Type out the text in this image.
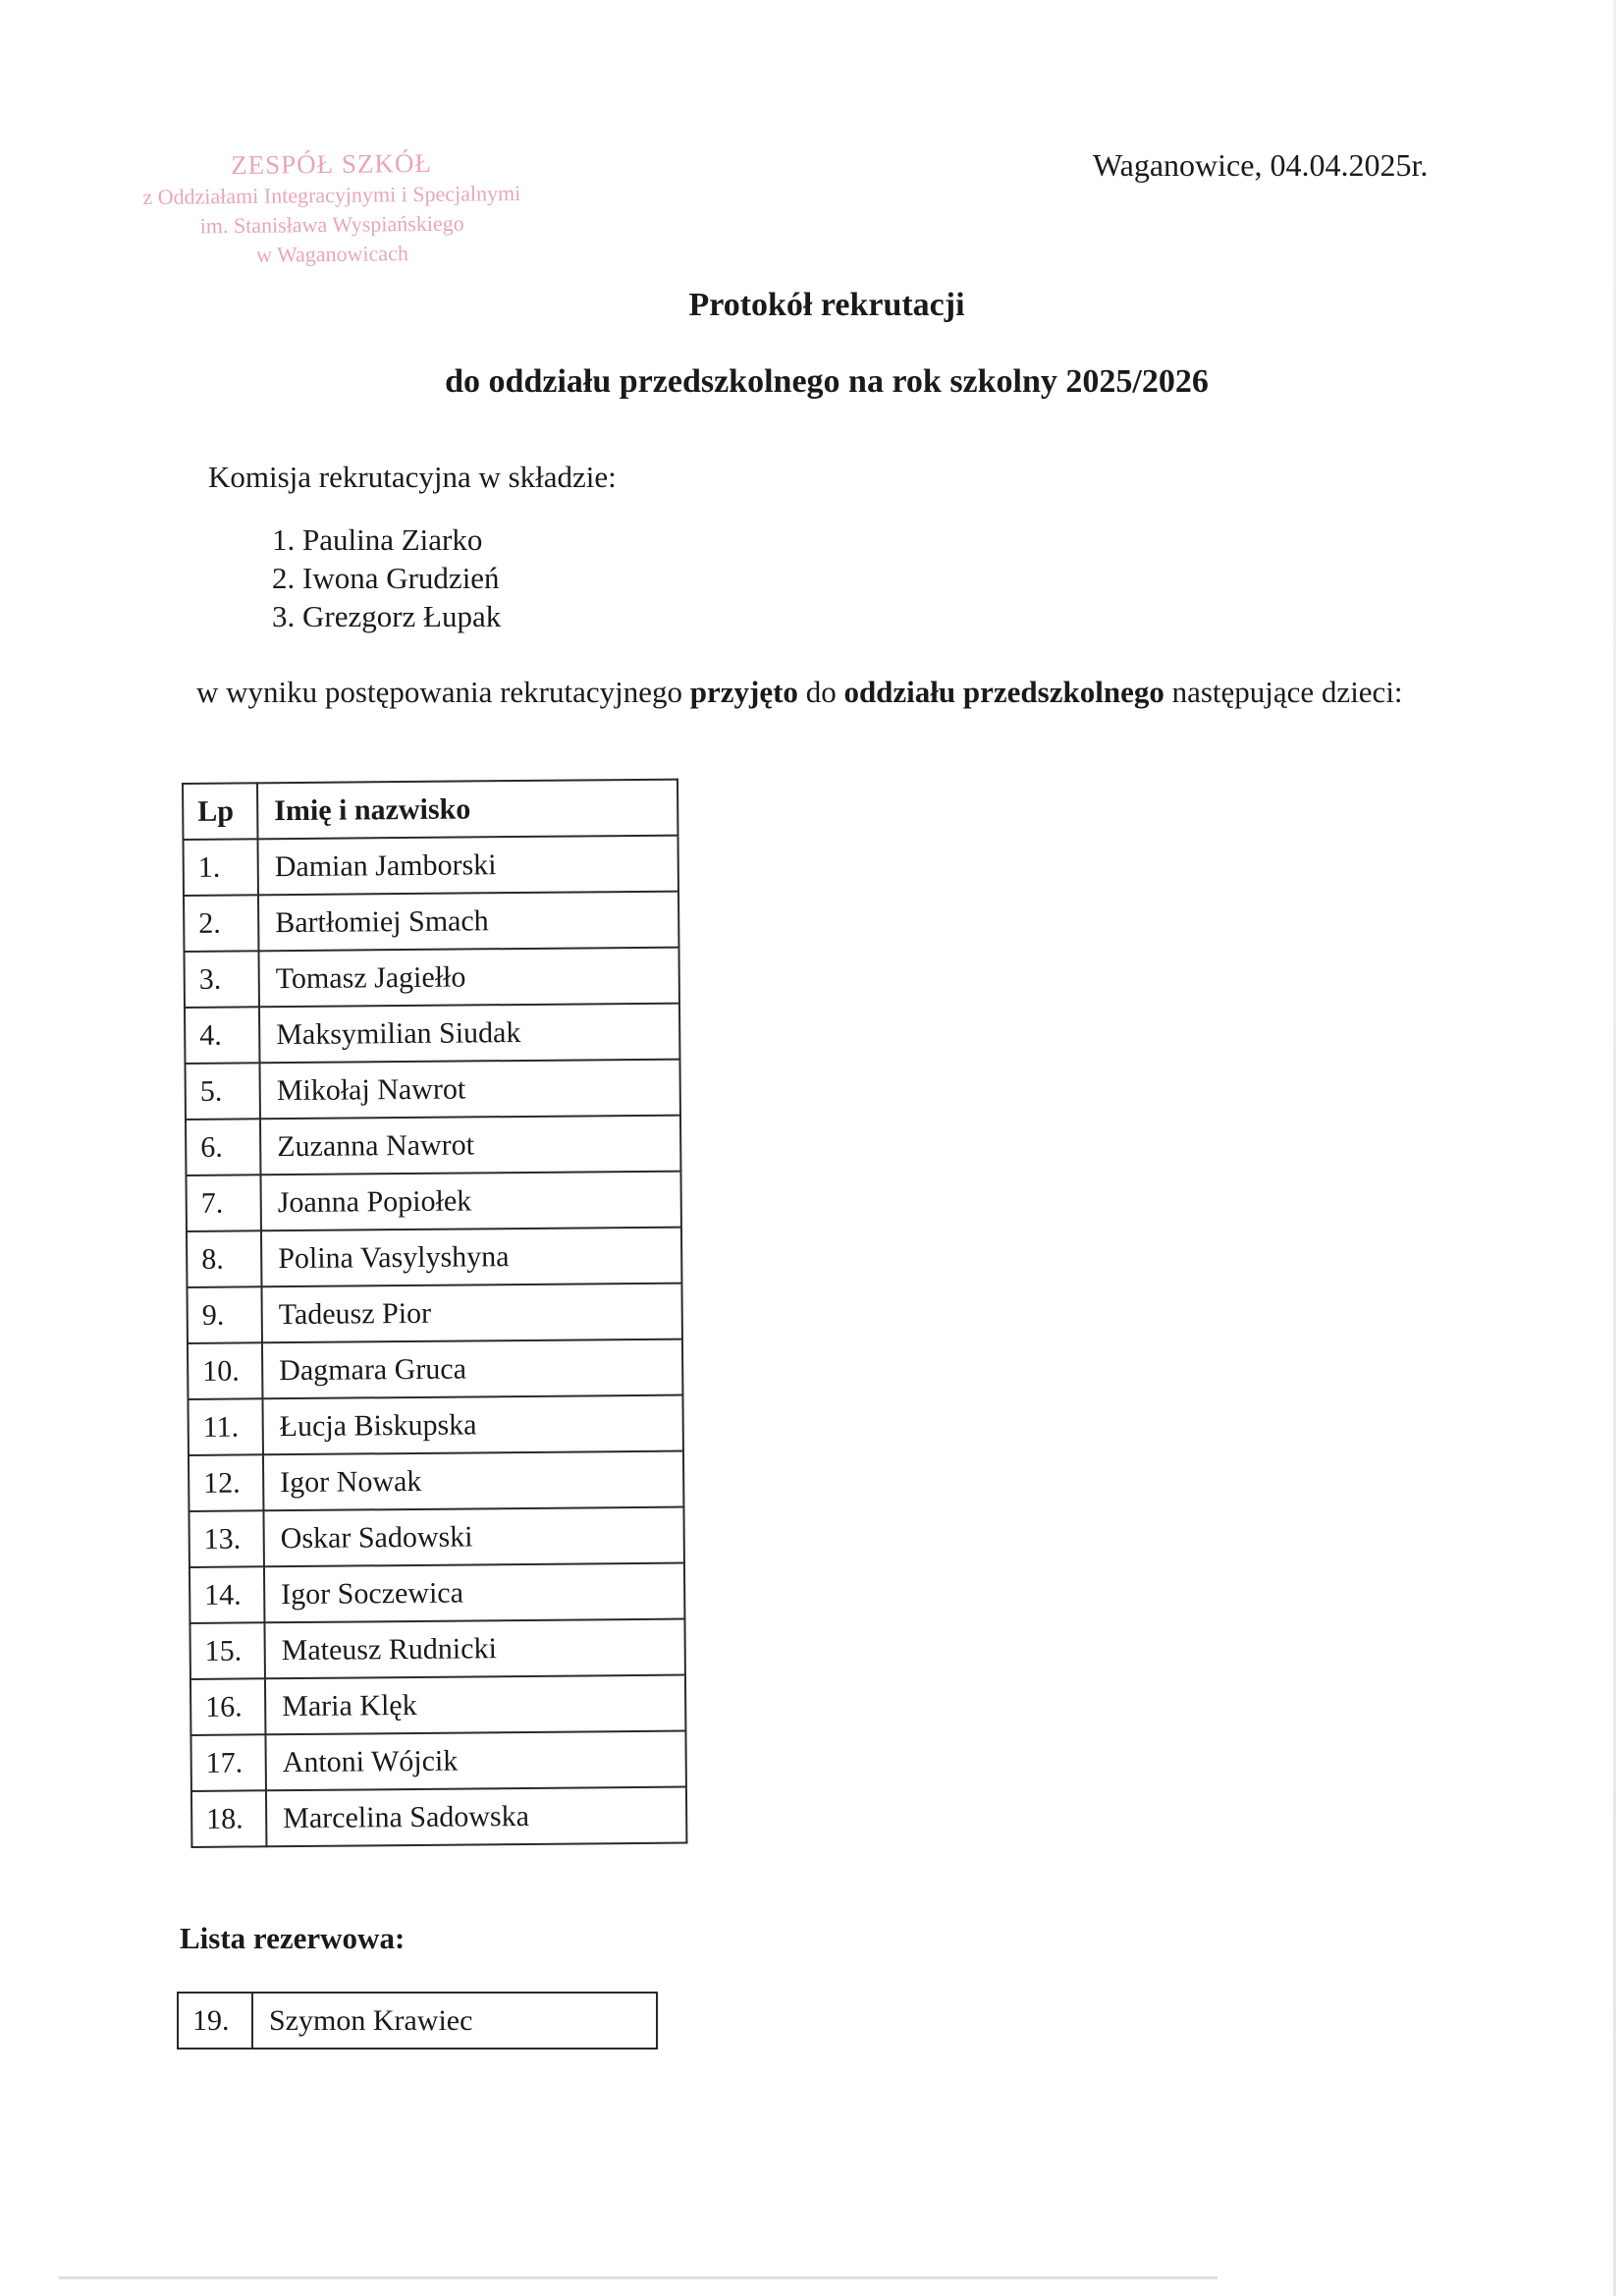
ZESPÓŁ SZKÓŁ
z Oddziałami Integracyjnymi i Specjalnymi
im. Stanisława Wyspiańskiego
w Waganowicach
Waganowice, 04.04.2025r.
Protokół rekrutacji
do oddziału przedszkolnego na rok szkolny 2025/2026
Komisja rekrutacyjna w składzie:
1. Paulina Ziarko
2. Iwona Grudzień
3. Grezgorz Łupak
w wyniku postępowania rekrutacyjnego przyjęto do oddziału przedszkolnego następujące dzieci:
Lp	Imię i nazwisko
1.	Damian Jamborski
2.	Bartłomiej Smach
3.	Tomasz Jagiełło
4.	Maksymilian Siudak
5.	Mikołaj Nawrot
6.	Zuzanna Nawrot
7.	Joanna Popiołek
8.	Polina Vasylyshyna
9.	Tadeusz Pior
10.	Dagmara Gruca
11.	Łucja Biskupska
12.	Igor Nowak
13.	Oskar Sadowski
14.	Igor Soczewica
15.	Mateusz Rudnicki
16.	Maria Klęk
17.	Antoni Wójcik
18.	Marcelina Sadowska
Lista rezerwowa:
19.	Szymon Krawiec
